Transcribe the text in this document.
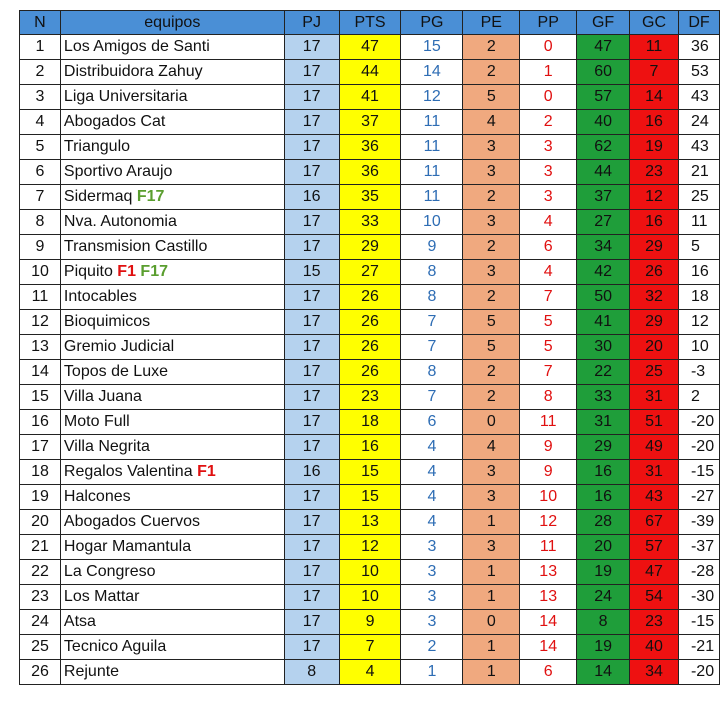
N	equipos	PJ	PTS	PG	PE	PP	GF	GC	DF
1	Los Amigos de Santi	17	47	15	2	0	47	11	36
2	Distribuidora Zahuy	17	44	14	2	1	60	7	53
3	Liga Universitaria	17	41	12	5	0	57	14	43
4	Abogados Cat	17	37	11	4	2	40	16	24
5	Triangulo	17	36	11	3	3	62	19	43
6	Sportivo Araujo	17	36	11	3	3	44	23	21
7	Sidermaq F17	16	35	11	2	3	37	12	25
8	Nva. Autonomia	17	33	10	3	4	27	16	11
9	Transmision Castillo	17	29	9	2	6	34	29	5
10	Piquito F1 F17	15	27	8	3	4	42	26	16
11	Intocables	17	26	8	2	7	50	32	18
12	Bioquimicos	17	26	7	5	5	41	29	12
13	Gremio Judicial	17	26	7	5	5	30	20	10
14	Topos de Luxe	17	26	8	2	7	22	25	-3
15	Villa Juana	17	23	7	2	8	33	31	2
16	Moto Full	17	18	6	0	11	31	51	-20
17	Villa Negrita	17	16	4	4	9	29	49	-20
18	Regalos Valentina F1	16	15	4	3	9	16	31	-15
19	Halcones	17	15	4	3	10	16	43	-27
20	Abogados Cuervos	17	13	4	1	12	28	67	-39
21	Hogar Mamantula	17	12	3	3	11	20	57	-37
22	La Congreso	17	10	3	1	13	19	47	-28
23	Los Mattar	17	10	3	1	13	24	54	-30
24	Atsa	17	9	3	0	14	8	23	-15
25	Tecnico Aguila	17	7	2	1	14	19	40	-21
26	Rejunte	8	4	1	1	6	14	34	-20
